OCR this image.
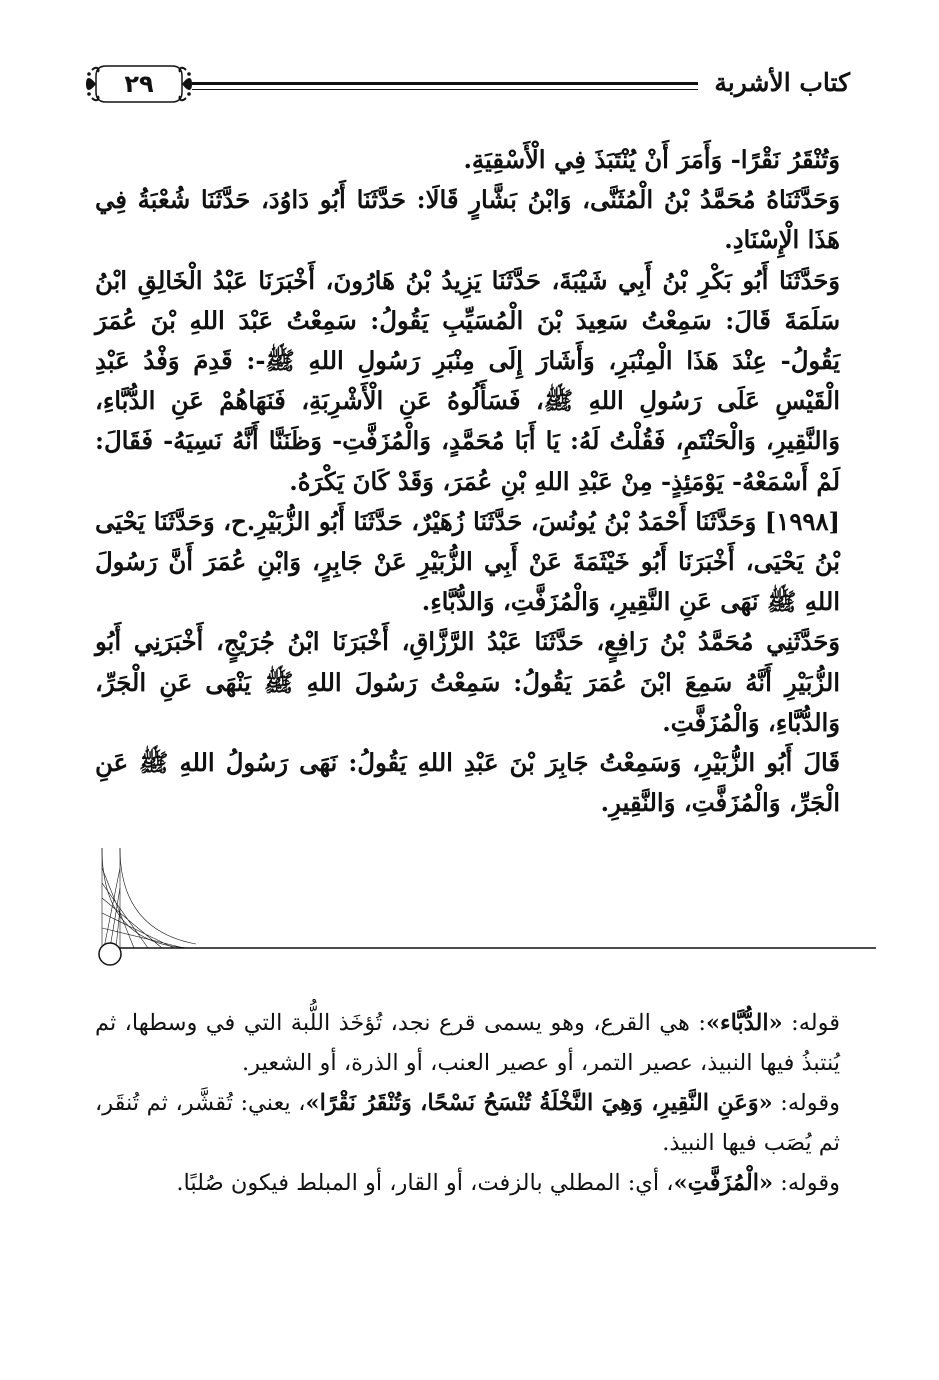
كتاب الأشربة
٢٩

وَتُنْقَرُ نَقْرًا- وَأَمَرَ أَنْ يُنْتَبَذَ فِي الْأَسْقِيَةِ.

وَحَدَّثَنَاهُ مُحَمَّدُ بْنُ الْمُثَنَّى، وَابْنُ بَشَّارٍ قَالَا: حَدَّثَنَا أَبُو دَاوُدَ، حَدَّثَنَا شُعْبَةُ فِي هَذَا الْإِسْنَادِ.

وَحَدَّثَنَا أَبُو بَكْرِ بْنُ أَبِي شَيْبَةَ، حَدَّثَنَا يَزِيدُ بْنُ هَارُونَ، أَخْبَرَنَا عَبْدُ الْخَالِقِ ابْنُ سَلَمَةَ قَالَ: سَمِعْتُ سَعِيدَ بْنَ الْمُسَيِّبِ يَقُولُ: سَمِعْتُ عَبْدَ اللهِ بْنَ عُمَرَ يَقُولُ- عِنْدَ هَذَا الْمِنْبَرِ، وَأَشَارَ إِلَى مِنْبَرِ رَسُولِ اللهِ ﷺ-: قَدِمَ وَفْدُ عَبْدِ الْقَيْسِ عَلَى رَسُولِ اللهِ ﷺ، فَسَأَلُوهُ عَنِ الْأَشْرِبَةِ، فَنَهَاهُمْ عَنِ الدُّبَّاءِ، وَالنَّقِيرِ، وَالْحَنْتَمِ، فَقُلْتُ لَهُ: يَا أَبَا مُحَمَّدٍ، وَالْمُزَفَّتِ- وَظَنَنَّا أَنَّهُ نَسِيَهُ- فَقَالَ: لَمْ أَسْمَعْهُ- يَوْمَئِذٍ- مِنْ عَبْدِ اللهِ بْنِ عُمَرَ، وَقَدْ كَانَ يَكْرَهُ.

[١٩٩٨] وَحَدَّثَنَا أَحْمَدُ بْنُ يُونُسَ، حَدَّثَنَا زُهَيْرٌ، حَدَّثَنَا أَبُو الزُّبَيْرِ.ح، وَحَدَّثَنَا يَحْيَى بْنُ يَحْيَى، أَخْبَرَنَا أَبُو خَيْثَمَةَ عَنْ أَبِي الزُّبَيْرِ عَنْ جَابِرٍ، وَابْنِ عُمَرَ أَنَّ رَسُولَ اللهِ ﷺ نَهَى عَنِ النَّقِيرِ، وَالْمُزَفَّتِ، وَالدُّبَّاءِ.

وَحَدَّثَنِي مُحَمَّدُ بْنُ رَافِعٍ، حَدَّثَنَا عَبْدُ الرَّزَّاقِ، أَخْبَرَنَا ابْنُ جُرَيْجٍ، أَخْبَرَنِي أَبُو الزُّبَيْرِ أَنَّهُ سَمِعَ ابْنَ عُمَرَ يَقُولُ: سَمِعْتُ رَسُولَ اللهِ ﷺ يَنْهَى عَنِ الْجَرِّ، وَالدُّبَّاءِ، وَالْمُزَفَّتِ.

قَالَ أَبُو الزُّبَيْرِ، وَسَمِعْتُ جَابِرَ بْنَ عَبْدِ اللهِ يَقُولُ: نَهَى رَسُولُ اللهِ ﷺ عَنِ الْجَرِّ، وَالْمُزَفَّتِ، وَالنَّقِيرِ.

قوله: «الدُّبَّاء»: هي القرع، وهو يسمى قرع نجد، تُؤخَذ اللُّبة التي في وسطها، ثم يُنتبذُ فيها النبيذ، عصير التمر، أو عصير العنب، أو الذرة، أو الشعير.

وقوله: «وَعَنِ النَّقِيرِ، وَهِيَ النَّخْلَةُ تُنْسَحُ نَسْحًا، وَتُنْقَرُ نَقْرًا»، يعني: تُقشَّر، ثم تُنقَر، ثم يُصَب فيها النبيذ.

وقوله: «الْمُزَفَّتِ»، أي: المطلي بالزفت، أو القار، أو المبلط فيكون صُلبًا.
